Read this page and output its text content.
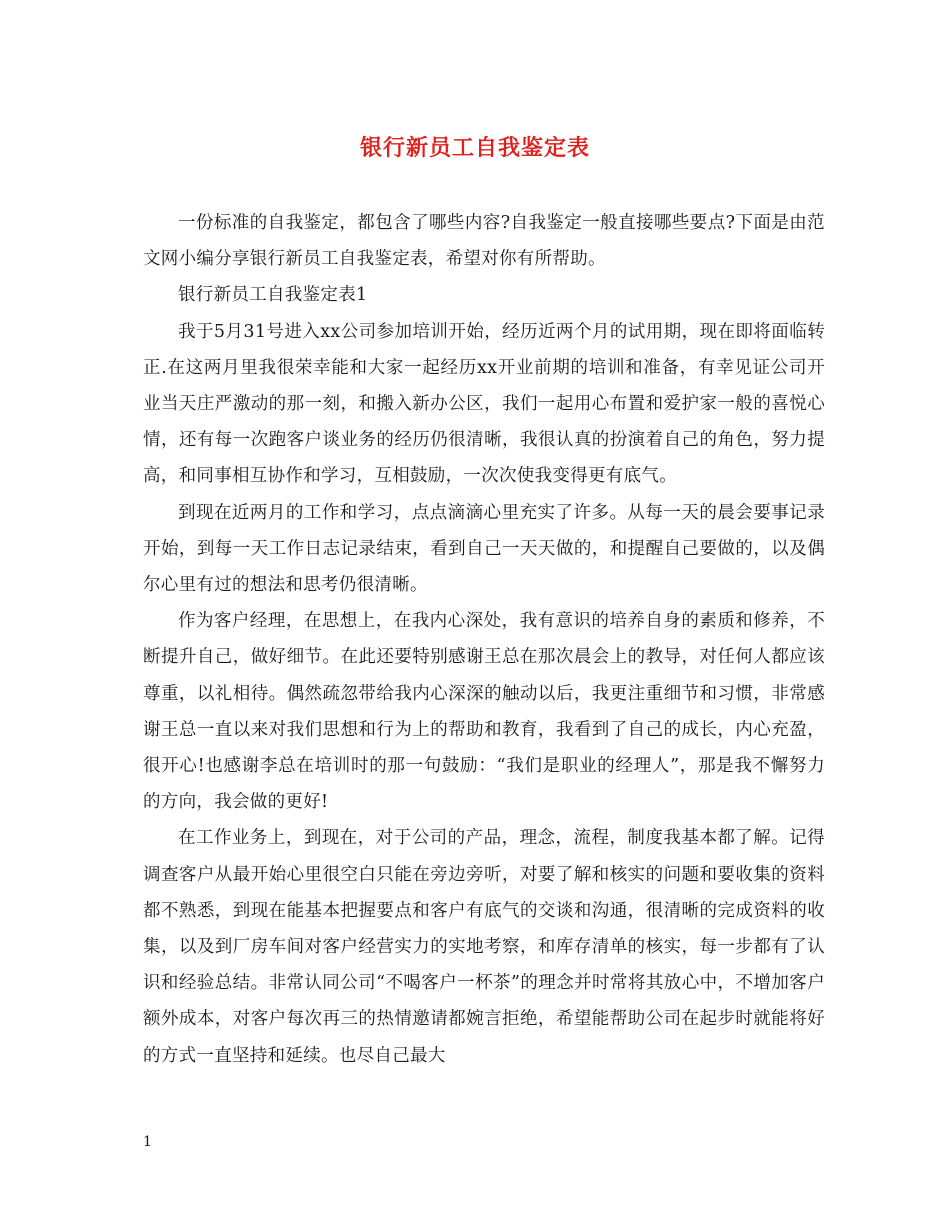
银行新员工自我鉴定表

一份标准的自我鉴定，都包含了哪些内容?自我鉴定一般直接哪些要点?下面是由范文网小编分享银行新员工自我鉴定表，希望对你有所帮助。

银行新员工自我鉴定表1

我于5月31号进入xx公司参加培训开始，经历近两个月的试用期，现在即将面临转正.在这两月里我很荣幸能和大家一起经历xx开业前期的培训和准备，有幸见证公司开业当天庄严激动的那一刻，和搬入新办公区，我们一起用心布置和爱护家一般的喜悦心情，还有每一次跑客户谈业务的经历仍很清晰，我很认真的扮演着自己的角色，努力提高，和同事相互协作和学习，互相鼓励，一次次使我变得更有底气。

到现在近两月的工作和学习，点点滴滴心里充实了许多。从每一天的晨会要事记录开始，到每一天工作日志记录结束，看到自己一天天做的，和提醒自己要做的，以及偶尔心里有过的想法和思考仍很清晰。

作为客户经理，在思想上，在我内心深处，我有意识的培养自身的素质和修养，不断提升自己，做好细节。在此还要特别感谢王总在那次晨会上的教导，对任何人都应该尊重，以礼相待。偶然疏忽带给我内心深深的触动以后，我更注重细节和习惯，非常感谢王总一直以来对我们思想和行为上的帮助和教育，我看到了自己的成长，内心充盈，很开心!也感谢李总在培训时的那一句鼓励：“我们是职业的经理人”，那是我不懈努力的方向，我会做的更好!

在工作业务上，到现在，对于公司的产品，理念，流程，制度我基本都了解。记得调查客户从最开始心里很空白只能在旁边旁听，对要了解和核实的问题和要收集的资料都不熟悉，到现在能基本把握要点和客户有底气的交谈和沟通，很清晰的完成资料的收集，以及到厂房车间对客户经营实力的实地考察，和库存清单的核实，每一步都有了认识和经验总结。非常认同公司“不喝客户一杯茶”的理念并时常将其放心中，不增加客户额外成本，对客户每次再三的热情邀请都婉言拒绝，希望能帮助公司在起步时就能将好的方式一直坚持和延续。也尽自己最大

1
